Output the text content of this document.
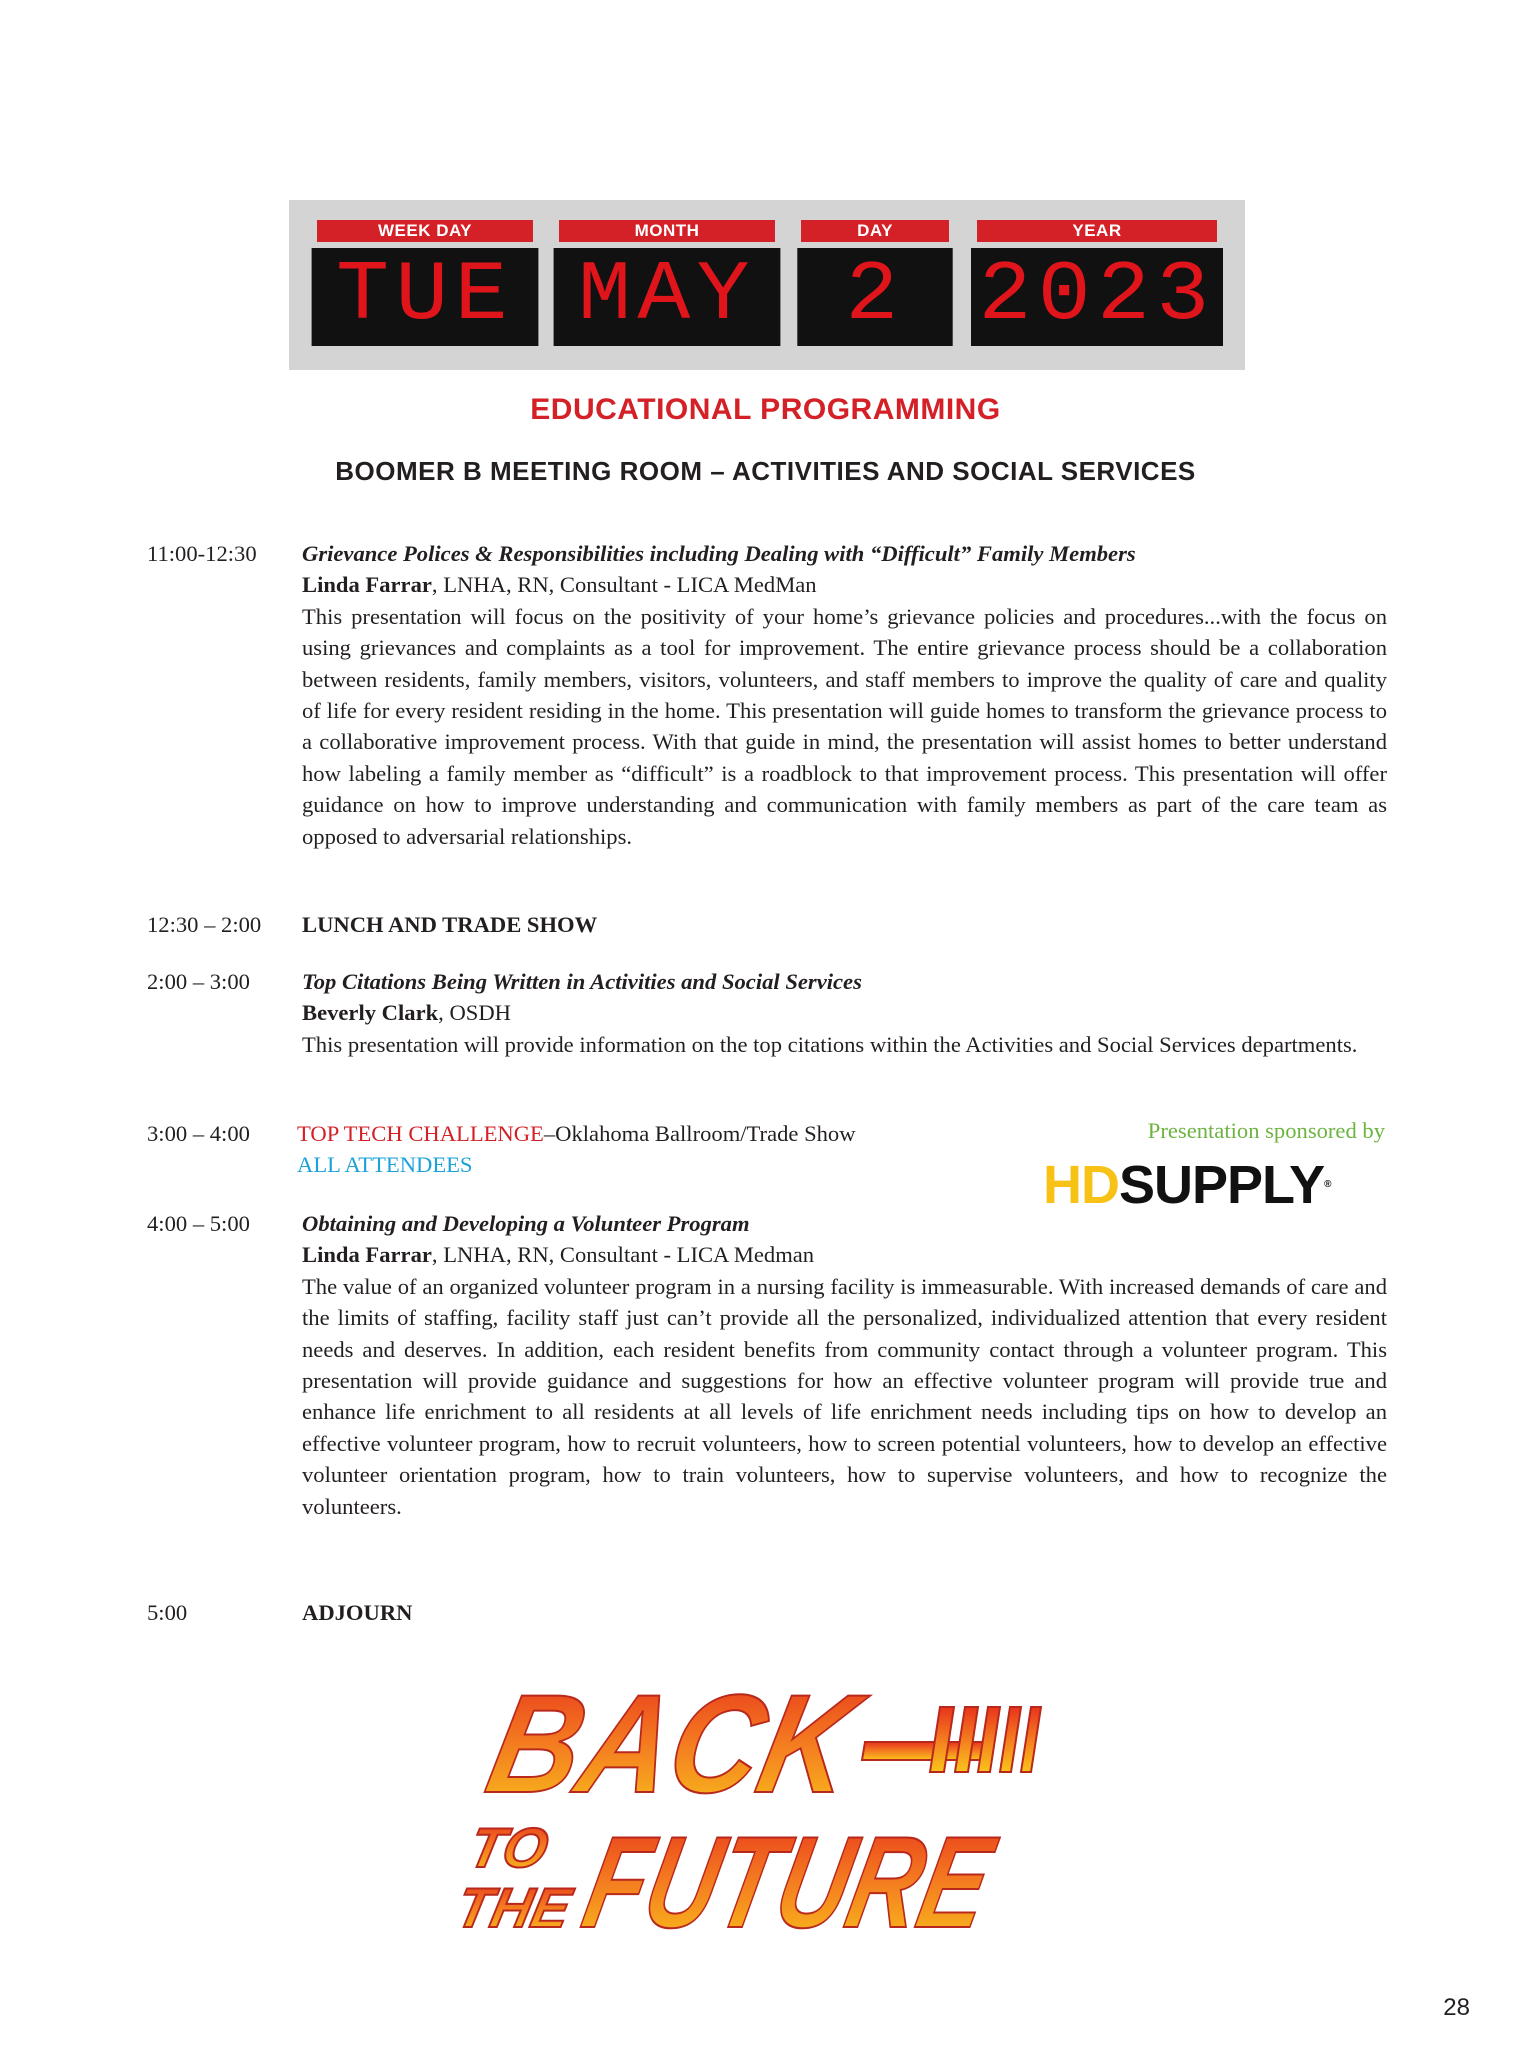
WEEK DAY
TUE
MONTH
MAY
DAY
2
YEAR
2023
EDUCATIONAL PROGRAMMING
BOOMER B MEETING ROOM – ACTIVITIES AND SOCIAL SERVICES
11:00-12:30	Grievance Polices & Responsibilities including Dealing with “Difficult” Family Members
Linda Farrar, LNHA, RN, Consultant - LICA MedMan
This presentation will focus on the positivity of your home’s grievance policies and procedures...with the focus on using grievances and complaints as a tool for improvement. The entire grievance process should be a collaboration between residents, family members, visitors, volunteers, and staff members to improve the quality of care and quality of life for every resident residing in the home. This presentation will guide homes to transform the grievance process to a collaborative improvement process. With that guide in mind, the presentation will assist homes to better understand how labeling a family member as “difficult” is a roadblock to that improvement process. This presentation will offer guidance on how to improve understanding and communication with family members as part of the care team as opposed to adversarial relationships.
12:30 – 2:00	LUNCH AND TRADE SHOW
2:00 – 3:00	Top Citations Being Written in Activities and Social Services
Beverly Clark, OSDH
This presentation will provide information on the top citations within the Activities and Social Services departments.
3:00 – 4:00	TOP TECH CHALLENGE–Oklahoma Ballroom/Trade Show
ALL ATTENDEES
Presentation sponsored by
HDSUPPLY®
4:00 – 5:00	Obtaining and Developing a Volunteer Program
Linda Farrar, LNHA, RN, Consultant - LICA Medman
The value of an organized volunteer program in a nursing facility is immeasurable. With increased demands of care and the limits of staffing, facility staff just can’t provide all the personalized, individualized attention that every resident needs and deserves. In addition, each resident benefits from community contact through a volunteer program. This presentation will provide guidance and suggestions for how an effective volunteer program will provide true and enhance life enrichment to all residents at all levels of life enrichment needs including tips on how to develop an effective volunteer program, how to recruit volunteers, how to screen potential volunteers, how to develop an effective volunteer orientation program, how to train volunteers, how to supervise volunteers, and how to recognize the volunteers.
5:00	ADJOURN
BACK
TO
THE
FUTURE
28
